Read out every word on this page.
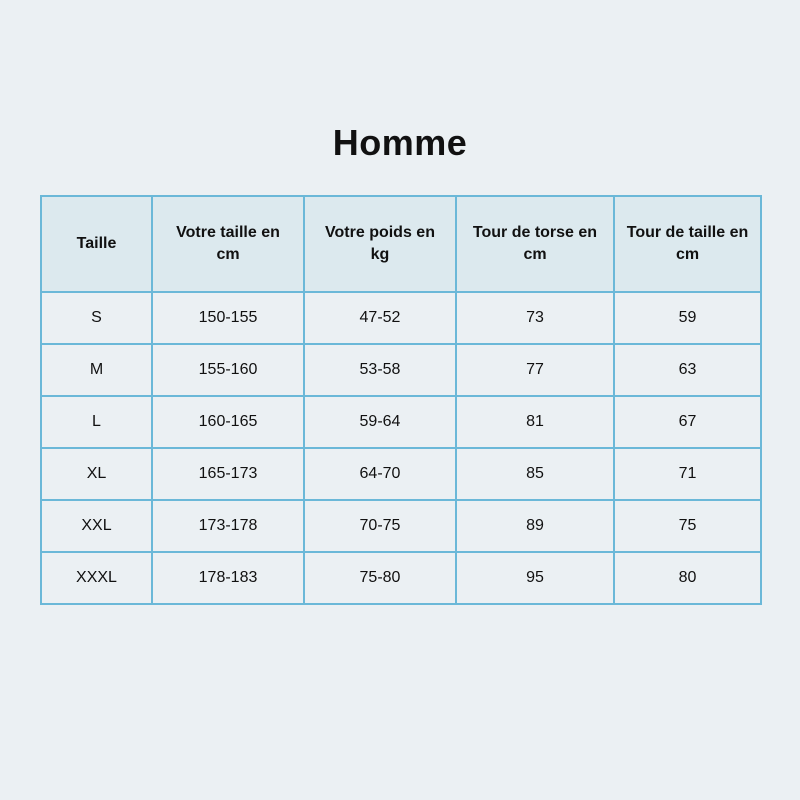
Homme
Taille	Votre taille en cm	Votre poids en kg	Tour de torse en cm	Tour de taille en cm
S	150-155	47-52	73	59
M	155-160	53-58	77	63
L	160-165	59-64	81	67
XL	165-173	64-70	85	71
XXL	173-178	70-75	89	75
XXXL	178-183	75-80	95	80
